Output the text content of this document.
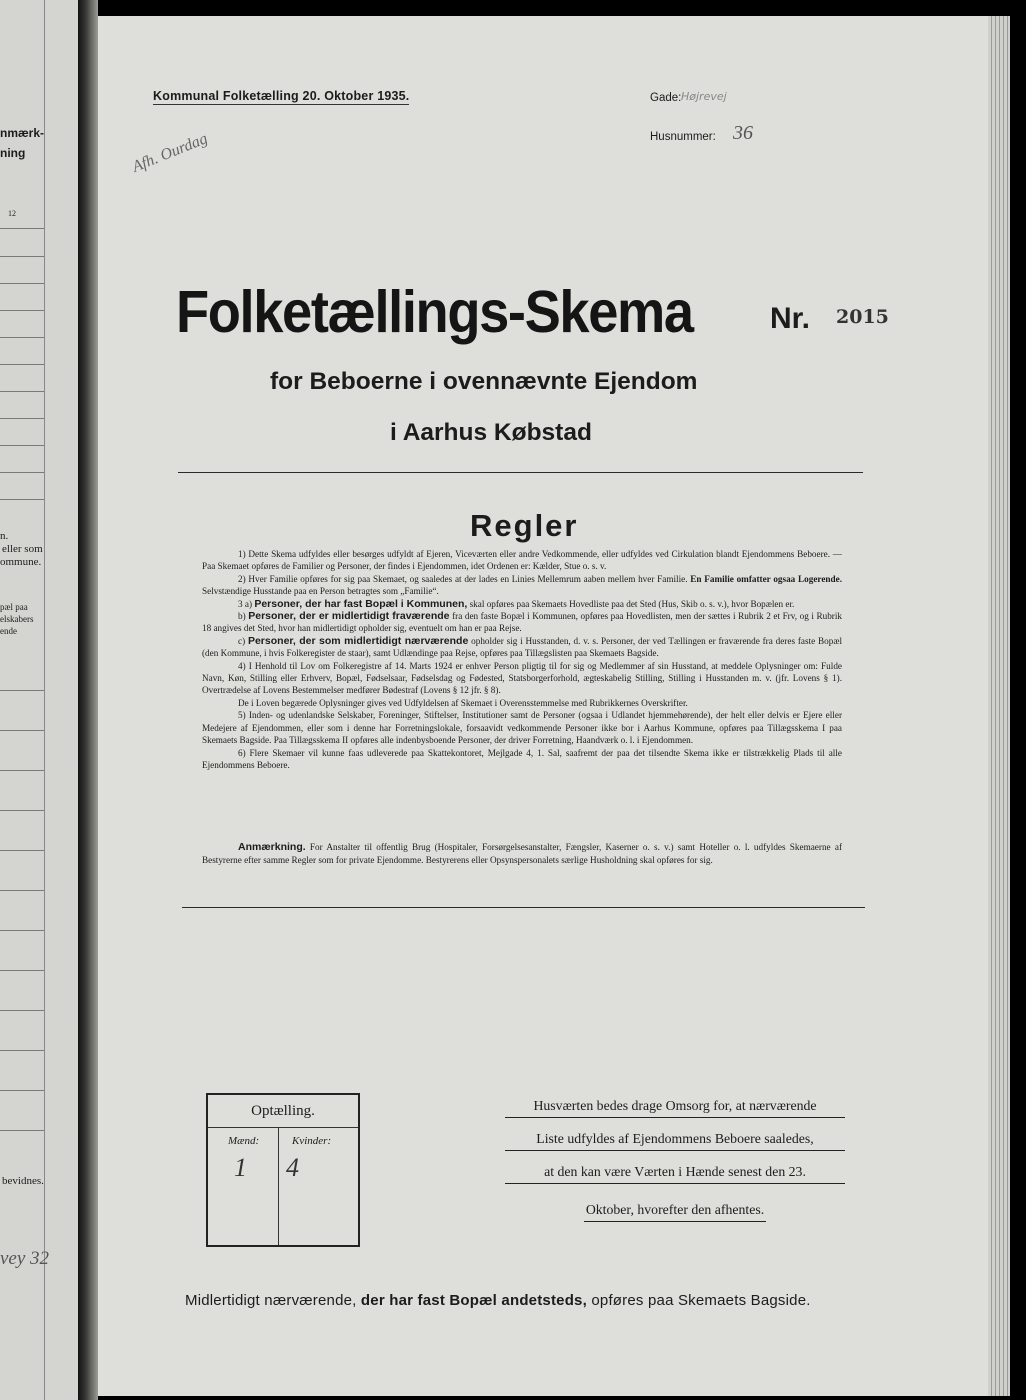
nmærk-
ning
12
n.
eller som
ommune.
pæl paa
elskabers
ende
bevidnes.
vey 32
Kommunal Folketælling 20. Oktober 1935.	Gade: Højrevej
Husnummer: 36
Afh. Ourdag
Folketællings-Skema	Nr. 2015
for Beboerne i ovennævnte Ejendom
i Aarhus Købstad
Regler

1) Dette Skema udfyldes eller besørges udfyldt af Ejeren, Viceværten eller andre Vedkommende, eller udfyldes ved Cirkulation blandt Ejendommens Beboere. — Paa Skemaet opføres de Familier og Personer, der findes i Ejendommen, idet Ordenen er: Kælder, Stue o. s. v.

2) Hver Familie opføres for sig paa Skemaet, og saaledes at der lades en Linies Mellemrum aaben mellem hver Familie. En Familie omfatter ogsaa Logerende. Selvstændige Husstande paa en Person betragtes som „Familie“.

3 a) Personer, der har fast Bopæl i Kommunen, skal opføres paa Skemaets Hovedliste paa det Sted (Hus, Skib o. s. v.), hvor Bopælen er.

b) Personer, der er midlertidigt fraværende fra den faste Bopæl i Kommunen, opføres paa Hovedlisten, men der sættes i Rubrik 2 et Frv, og i Rubrik 18 angives det Sted, hvor han midlertidigt opholder sig, eventuelt om han er paa Rejse.

c) Personer, der som midlertidigt nærværende opholder sig i Husstanden, d. v. s. Personer, der ved Tællingen er fraværende fra deres faste Bopæl (den Kommune, i hvis Folkeregister de staar), samt Udlændinge paa Rejse, opføres paa Tillægslisten paa Skemaets Bagside.

4) I Henhold til Lov om Folkeregistre af 14. Marts 1924 er enhver Person pligtig til for sig og Medlemmer af sin Husstand, at meddele Oplysninger om: Fulde Navn, Køn, Stilling eller Erhverv, Bopæl, Fødselsaar, Fødselsdag og Fødested, Statsborgerforhold, ægteskabelig Stilling, Stilling i Husstanden m. v. (jfr. Lovens § 1). Overtrædelse af Lovens Bestemmelser medfører Bødestraf (Lovens § 12 jfr. § 8).

De i Loven begærede Oplysninger gives ved Udfyldelsen af Skemaet i Overensstemmelse med Rubrikkernes Overskrifter.

5) Inden- og udenlandske Selskaber, Foreninger, Stiftelser, Institutioner samt de Personer (ogsaa i Udlandet hjemmehørende), der helt eller delvis er Ejere eller Medejere af Ejendommen, eller som i denne har Forretningslokale, forsaavidt vedkommende Personer ikke bor i Aarhus Kommune, opføres paa Tillægsskema I paa Skemaets Bagside. Paa Tillægsskema II opføres alle indenbysboende Personer, der driver Forretning, Haandværk o. l. i Ejendommen.

6) Flere Skemaer vil kunne faas udleverede paa Skattekontoret, Mejlgade 4, 1. Sal, saafremt der paa det tilsendte Skema ikke er tilstrækkelig Plads til alle Ejendommens Beboere.

Anmærkning. For Anstalter til offentlig Brug (Hospitaler, Forsørgelsesanstalter, Fængsler, Kaserner o. s. v.) samt Hoteller o. l. udfyldes Skemaerne af Bestyrerne efter samme Regler som for private Ejendomme. Bestyrerens eller Opsynspersonalets særlige Husholdning skal opføres for sig.

Optælling.
Mænd:	Kvinder:
1 4
Husværten bedes drage Omsorg for, at nærværende
Liste udfyldes af Ejendommens Beboere saaledes,
at den kan være Værten i Hænde senest den 23.
Oktober, hvorefter den afhentes.
Midlertidigt nærværende, der har fast Bopæl andetsteds, opføres paa Skemaets Bagside.
